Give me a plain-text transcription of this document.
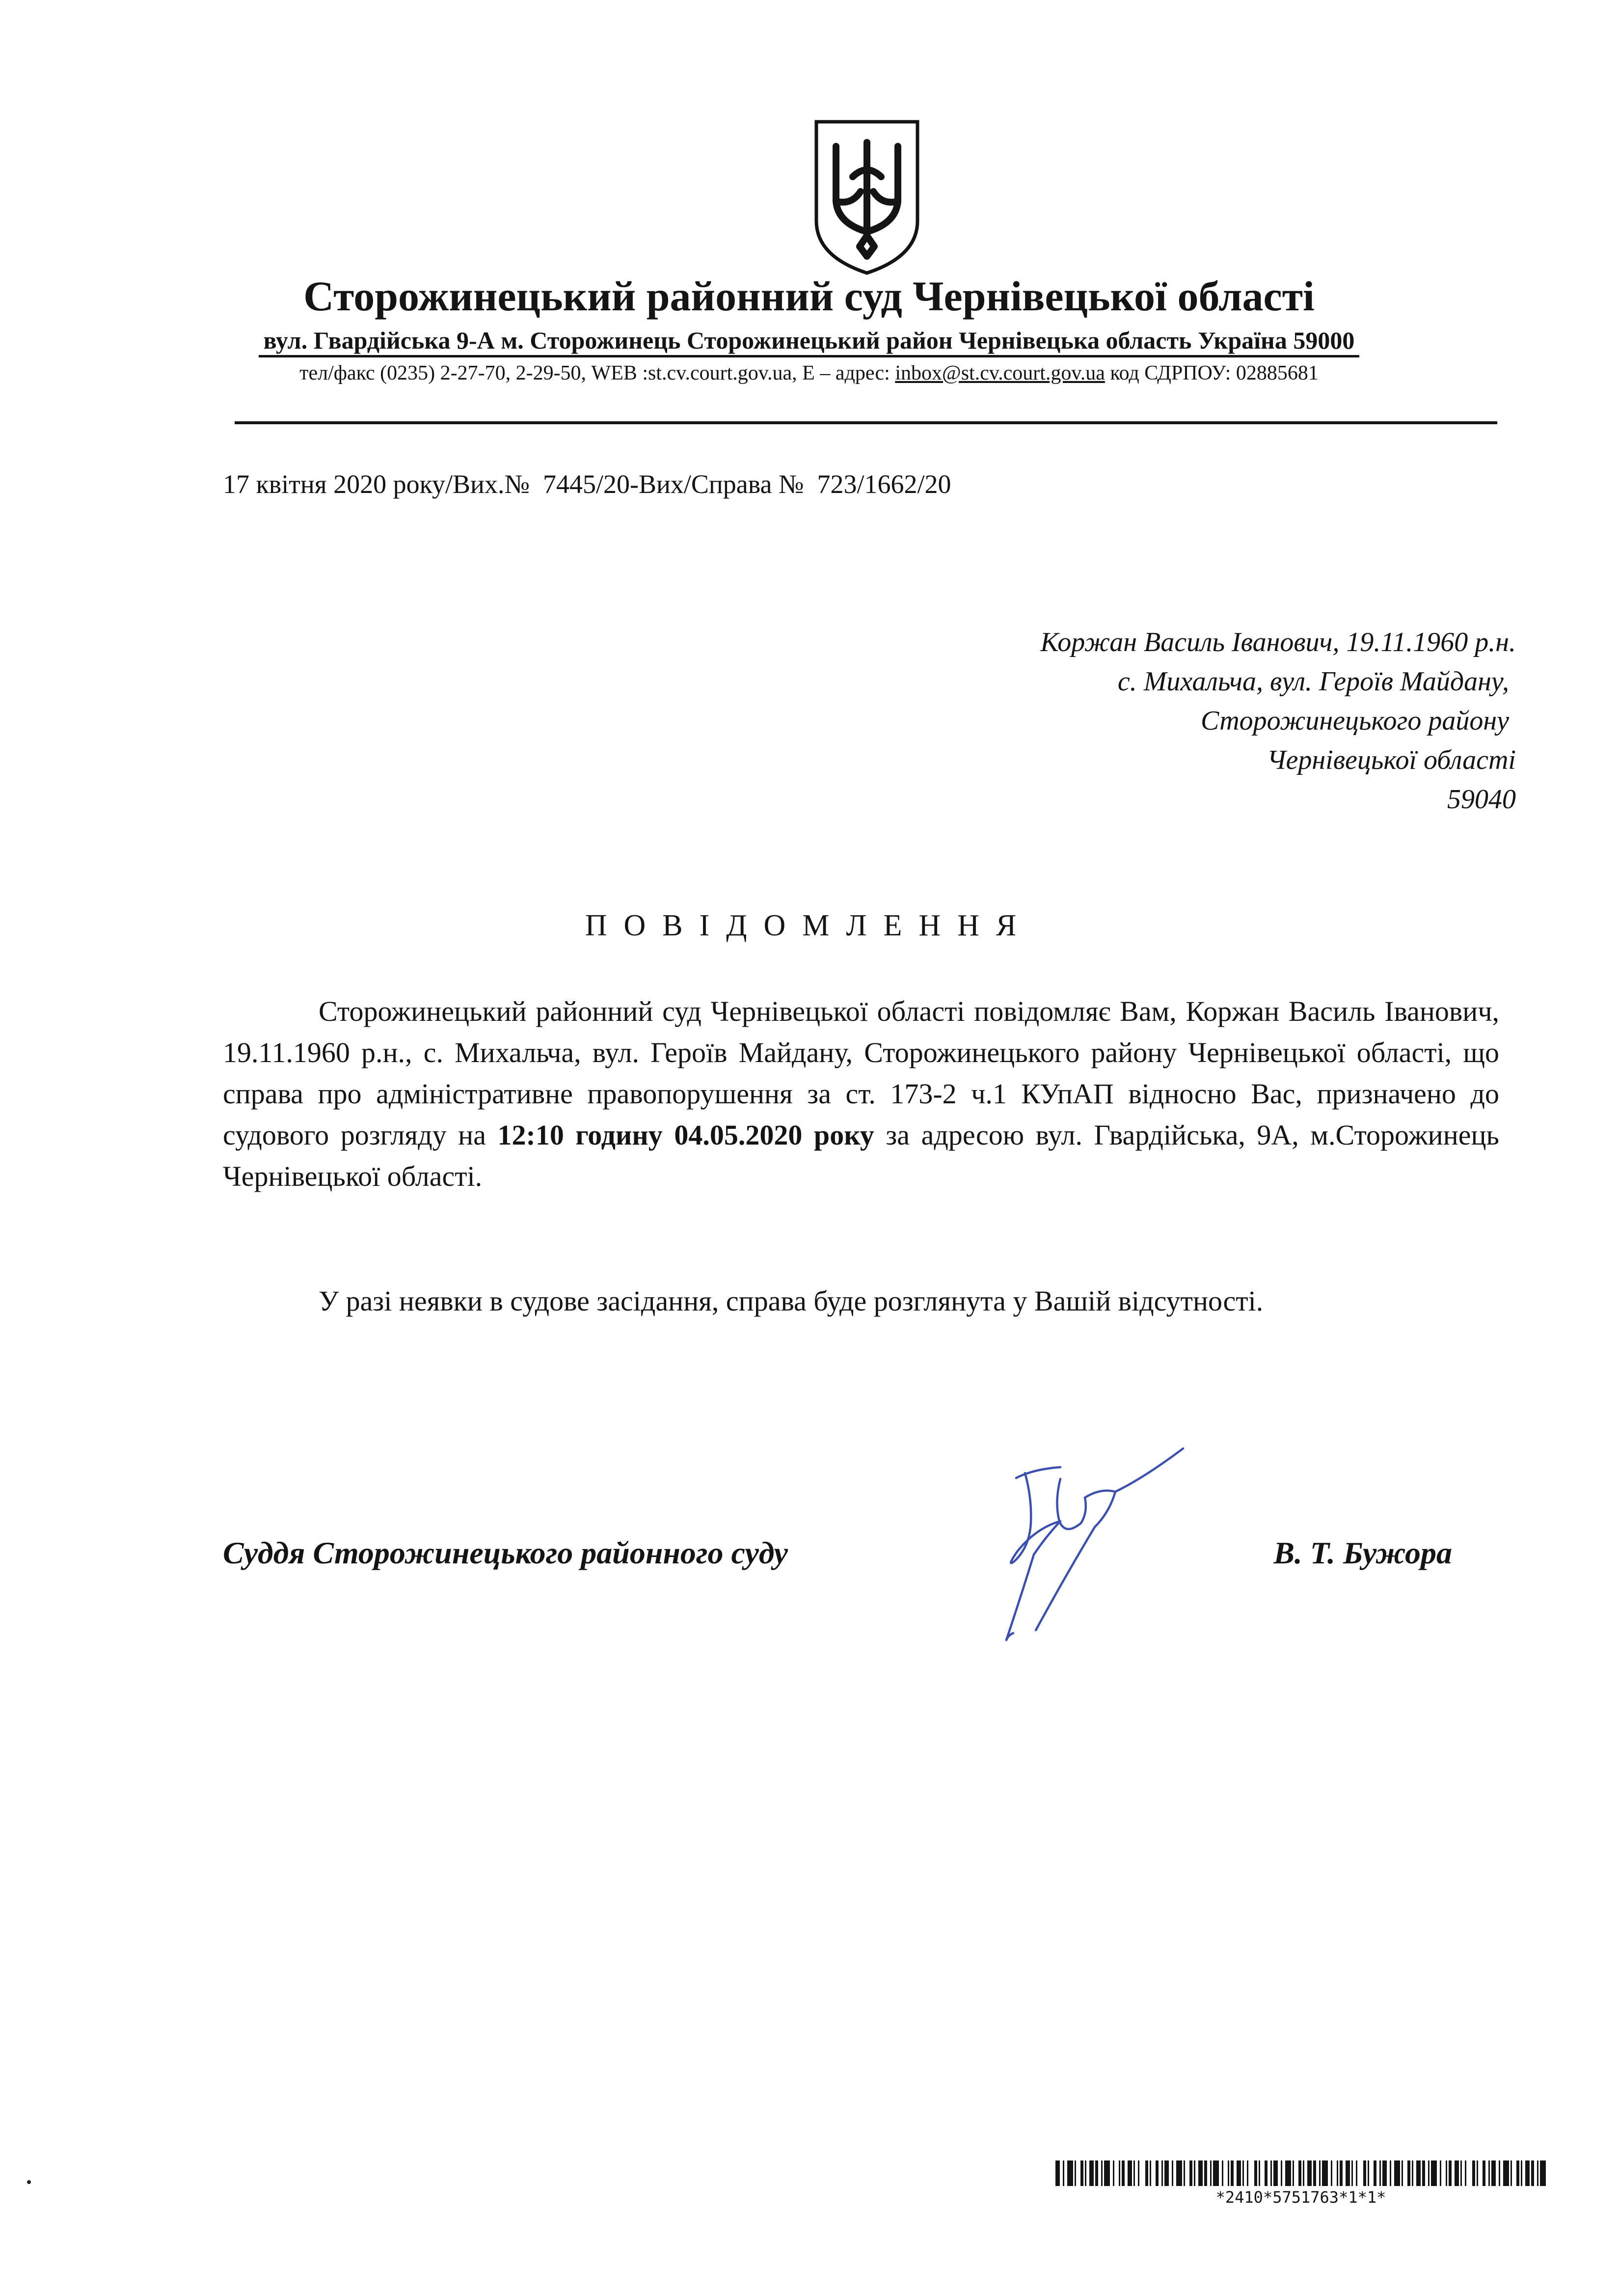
Сторожинецький районний суд Чернівецької області
вул. Гвардійська 9-А м. Сторожинець Сторожинецький район Чернівецька область Україна 59000
тел/факс (0235) 2-27-70, 2-29-50, WEB :st.cv.court.gov.ua, E – адрес: inbox@st.cv.court.gov.ua код СДРПОУ: 02885681
17 квітня 2020 року/Вих.№  7445/20-Вих/Справа №  723/1662/20
Коржан Василь Іванович, 19.11.1960 р.н.
с. Михальча, вул. Героїв Майдану,
Сторожинецького району
Чернівецької області
59040
ПОВІДОМЛЕННЯ

Сторожинецький районний суд Чернівецької області повідомляє Вам, Коржан Василь Іванович, 19.11.1960 р.н., с. Михальча, вул. Героїв Майдану, Сторожинецького району Чернівецької області, що справа про адміністративне правопорушення за ст. 173-2 ч.1 КУпАП відносно Вас, призначено до судового розгляду на 12:10 годину 04.05.2020 року за адресою вул. Гвардійська, 9А, м.Сторожинець Чернівецької області.

У разі неявки в судове засідання, справа буде розглянута у Вашій відсутності.

Суддя Сторожинецького районного суду	В. Т. Бужора
*2410*5751763*1*1*
